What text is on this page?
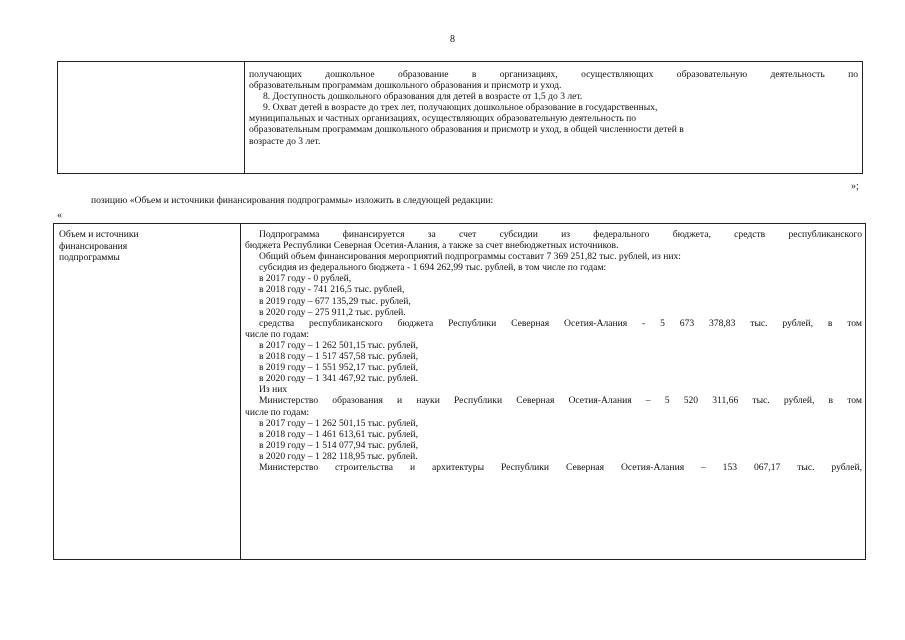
8
получающих дошкольное образование в организациях, осуществляющих образовательную деятельность по
образовательным программам дошкольного образования и присмотр и уход.
8. Доступность дошкольного образования для детей в возрасте от 1,5 до 3 лет.
9. Охват детей в возрасте до трех лет, получающих дошкольное образование в государственных,
муниципальных и частных организациях, осуществляющих образовательную деятельность по
образовательным программам дошкольного образования и присмотр и уход, в общей численности детей в
возрасте до 3 лет.
»;
позицию «Объем и источники финансирования подпрограммы» изложить в следующей редакции:
«
Объем и источники
финансирования
подпрограммы
Подпрограмма финансируется за счет субсидии из федерального бюджета, средств республиканского
бюджета Республики Северная Осетия-Алания, а также за счет внебюджетных источников.
Общий объем финансирования мероприятий подпрограммы составит 7 369 251,82 тыс. рублей, из них:
субсидия из федерального бюджета - 1 694 262,99 тыс. рублей, в том числе по годам:
в 2017 году - 0 рублей,
в 2018 году - 741 216,5 тыс. рублей,
в 2019 году – 677 135,29 тыс. рублей,
в 2020 году – 275 911,2 тыс. рублей.
средства республиканского бюджета Республики Северная Осетия-Алания - 5 673 378,83 тыс. рублей, в том
числе по годам:
в 2017 году – 1 262 501,15 тыс. рублей,
в 2018 году – 1 517 457,58 тыс. рублей,
в 2019 году – 1 551 952,17 тыс. рублей,
в 2020 году – 1 341 467,92 тыс. рублей.
Из них
Министерство образования и науки Республики Северная Осетия-Алания – 5 520 311,66 тыс. рублей, в том
числе по годам:
в 2017 году – 1 262 501,15 тыс. рублей,
в 2018 году – 1 461 613,61 тыс. рублей,
в 2019 году – 1 514 077,94 тыс. рублей,
в 2020 году – 1 282 118,95 тыс. рублей.
Министерство строительства и архитектуры Республики Северная Осетия-Алания – 153 067,17 тыс. рублей,
